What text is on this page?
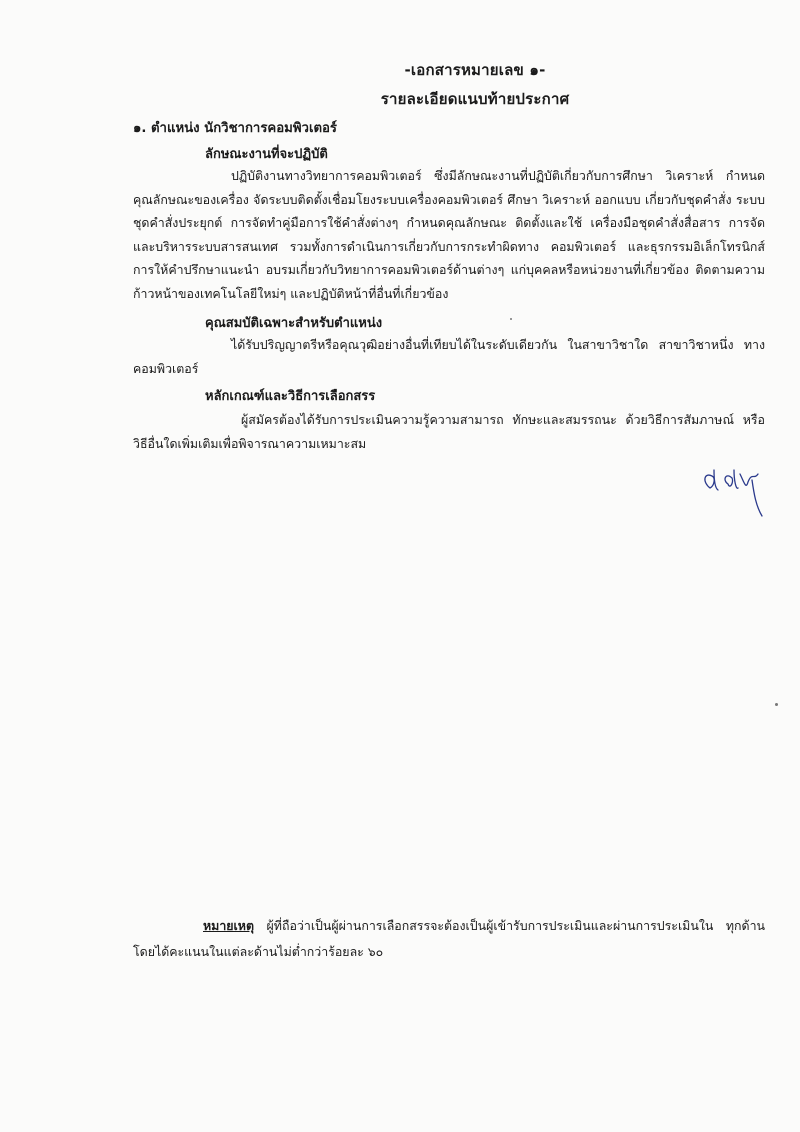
-เอกสารหมายเลข ๑-
รายละเอียดแนบท้ายประกาศ
๑. ตำแหน่ง นักวิชาการคอมพิวเตอร์
ลักษณะงานที่จะปฏิบัติ
ปฏิบัติงานทางวิทยาการคอมพิวเตอร์ ซึ่งมีลักษณะงานที่ปฏิบัติเกี่ยวกับการศึกษา วิเคราะห์ กำหนดคุณลักษณะของเครื่อง จัดระบบติดตั้งเชื่อมโยงระบบเครื่องคอมพิวเตอร์ ศึกษา วิเคราะห์ ออกแบบ เกี่ยวกับชุดคำสั่ง ระบบชุดคำสั่งประยุกต์ การจัดทำคู่มือการใช้คำสั่งต่างๆ กำหนดคุณลักษณะ ติดตั้งและใช้ เครื่องมือชุดคำสั่งสื่อสาร การจัดและบริหารระบบสารสนเทศ รวมทั้งการดำเนินการเกี่ยวกับการกระทำผิดทาง คอมพิวเตอร์ และธุรกรรมอิเล็กโทรนิกส์ การให้คำปรึกษาแนะนำ อบรมเกี่ยวกับวิทยาการคอมพิวเตอร์ด้านต่างๆ แก่บุคคลหรือหน่วยงานที่เกี่ยวข้อง ติดตามความก้าวหน้าของเทคโนโลยีใหม่ๆ และปฏิบัติหน้าที่อื่นที่เกี่ยวข้อง
คุณสมบัติเฉพาะสำหรับตำแหน่ง
ได้รับปริญญาตรีหรือคุณวุฒิอย่างอื่นที่เทียบได้ในระดับเดียวกัน ในสาขาวิชาใด สาขาวิชาหนึ่ง ทางคอมพิวเตอร์
หลักเกณฑ์และวิธีการเลือกสรร
ผู้สมัครต้องได้รับการประเมินความรู้ความสามารถ ทักษะและสมรรถนะ ด้วยวิธีการสัมภาษณ์ หรือวิธีอื่นใดเพิ่มเติมเพื่อพิจารณาความเหมาะสม
หมายเหตุ ผู้ที่ถือว่าเป็นผู้ผ่านการเลือกสรรจะต้องเป็นผู้เข้ารับการประเมินและผ่านการประเมินใน ทุกด้านโดยได้คะแนนในแต่ละด้านไม่ต่ำกว่าร้อยละ ๖๐
